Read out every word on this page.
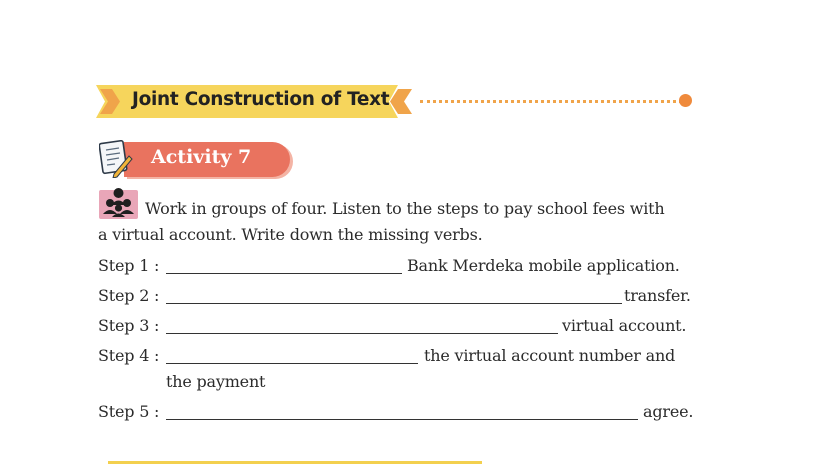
Joint Construction of Text
Activity 7
Work in groups of four. Listen to the steps to pay school fees with
a virtual account. Write down the missing verbs.
Step 1 :	Bank Merdeka mobile application.
Step 2 :	transfer.
Step 3 :	virtual account.
Step 4 :	the virtual account number and
the payment
Step 5 :	agree.
